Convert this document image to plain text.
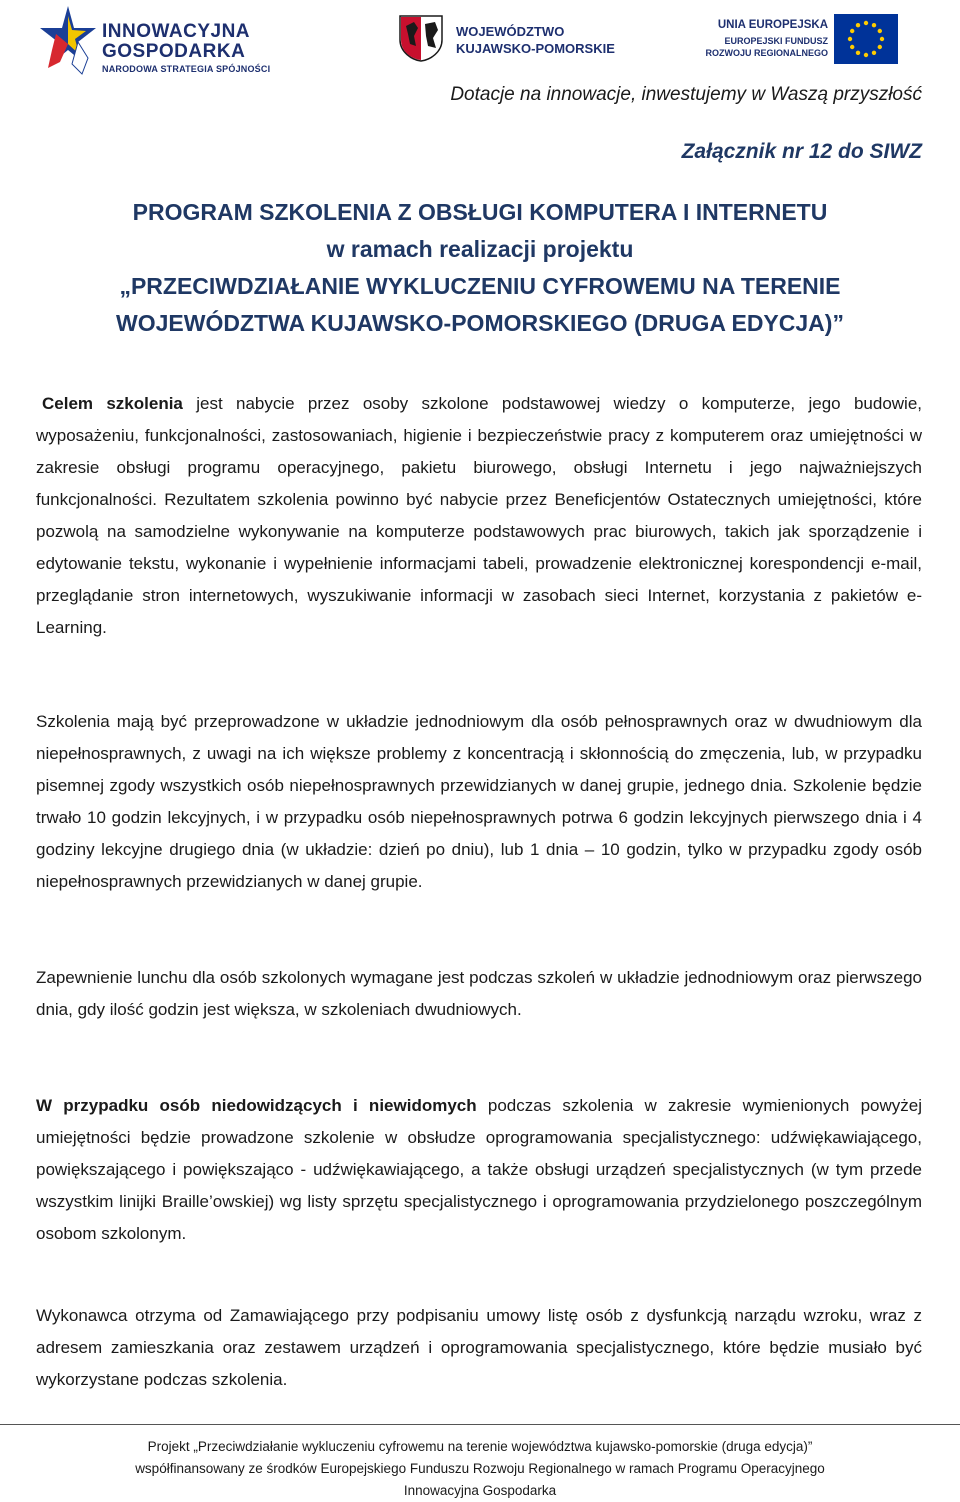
INNOWACYJNA
GOSPODARKA
NARODOWA STRATEGIA SPÓJNOŚCI
WOJEWÓDZTWO
KUJAWSKO-POMORSKIE
UNIA EUROPEJSKA
EUROPEJSKI FUNDUSZ
ROZWOJU REGIONALNEGO
Dotacje na innowacje, inwestujemy w Waszą przyszłość
Załącznik nr 12 do SIWZ
PROGRAM SZKOLENIA Z OBSŁUGI KOMPUTERA I INTERNETU
w ramach realizacji projektu
„PRZECIWDZIAŁANIE WYKLUCZENIU CYFROWEMU NA TERENIE
WOJEWÓDZTWA KUJAWSKO-POMORSKIEGO (DRUGA EDYCJA)”
Celem szkolenia jest nabycie przez osoby szkolone podstawowej wiedzy o komputerze, jego budowie, wyposażeniu, funkcjonalności, zastosowaniach, higienie i bezpieczeństwie pracy z komputerem oraz umiejętności w zakresie obsługi programu operacyjnego, pakietu biurowego, obsługi Internetu i jego najważniejszych funkcjonalności. Rezultatem szkolenia powinno być nabycie przez Beneficjentów Ostatecznych umiejętności, które pozwolą na samodzielne wykonywanie na komputerze podstawowych prac biurowych, takich jak sporządzenie i edytowanie tekstu, wykonanie i wypełnienie informacjami tabeli, prowadzenie elektronicznej korespondencji e-mail, przeglądanie stron internetowych, wyszukiwanie informacji w zasobach sieci Internet, korzystania z pakietów e-Learning.
Szkolenia mają być przeprowadzone w układzie jednodniowym dla osób pełnosprawnych oraz w dwudniowym dla niepełnosprawnych, z uwagi na ich większe problemy z koncentracją i skłonnością do zmęczenia, lub, w przypadku pisemnej zgody wszystkich osób niepełnosprawnych przewidzianych w danej grupie, jednego dnia. Szkolenie będzie trwało 10 godzin lekcyjnych, i w przypadku osób niepełnosprawnych potrwa 6 godzin lekcyjnych pierwszego dnia i 4 godziny lekcyjne drugiego dnia (w układzie: dzień po dniu), lub 1 dnia – 10 godzin, tylko w przypadku zgody osób niepełnosprawnych przewidzianych w danej grupie.
Zapewnienie lunchu dla osób szkolonych wymagane jest podczas szkoleń w układzie jednodniowym oraz pierwszego dnia, gdy ilość godzin jest większa, w szkoleniach dwudniowych.
W przypadku osób niedowidzących i niewidomych podczas szkolenia w zakresie wymienionych powyżej umiejętności będzie prowadzone szkolenie w obsłudze oprogramowania specjalistycznego: udźwiękawiającego, powiększającego i powiększająco - udźwiękawiającego, a także obsługi urządzeń specjalistycznych (w tym przede wszystkim linijki Braille’owskiej) wg listy sprzętu specjalistycznego i oprogramowania przydzielonego poszczególnym osobom szkolonym.
Wykonawca otrzyma od Zamawiającego przy podpisaniu umowy listę osób z dysfunkcją narządu wzroku, wraz z adresem zamieszkania oraz zestawem urządzeń i oprogramowania specjalistycznego, które będzie musiało być wykorzystane podczas szkolenia.
Projekt „Przeciwdziałanie wykluczeniu cyfrowemu na terenie województwa kujawsko-pomorskie (druga edycja)”
współfinansowany ze środków Europejskiego Funduszu Rozwoju Regionalnego w ramach Programu Operacyjnego
Innowacyjna Gospodarka
